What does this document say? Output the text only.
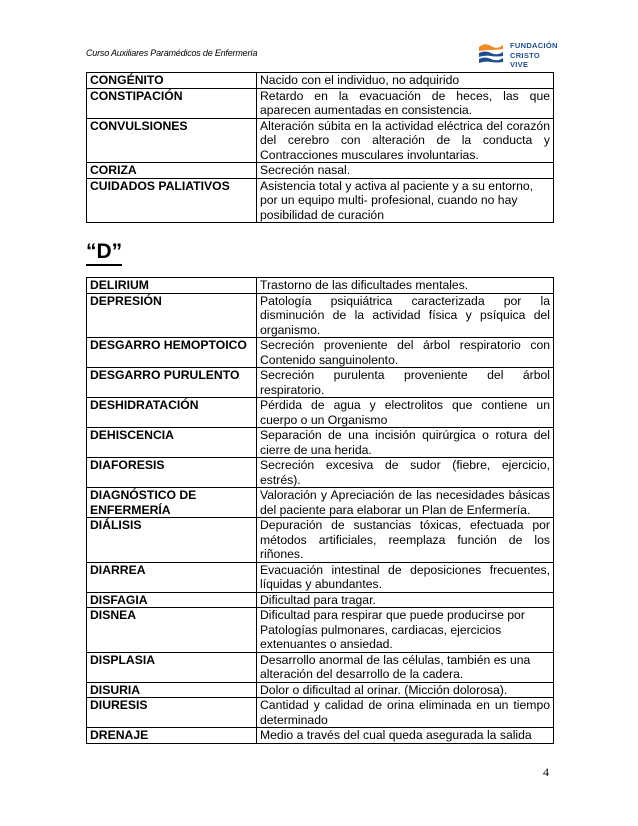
Curso Auxiliares Paramédicos de Enfermería
FUNDACIÓN
CRISTO VIVE
CONGÉNITO	Nacido con el individuo, no adquirido
CONSTIPACIÓN	Retardo en la evacuación de heces, las que aparecen aumentadas en consistencia.
CONVULSIONES	Alteración súbita en la actividad eléctrica del corazón del cerebro con alteración de la conducta y Contracciones musculares involuntarias.
CORIZA	Secreción nasal.
CUIDADOS PALIATIVOS	Asistencia total y activa al paciente y a su entorno, por un equipo multi- profesional, cuando no hay posibilidad de curación
“D”
DELIRIUM	Trastorno de las dificultades mentales.
DEPRESIÓN	Patología psiquiátrica caracterizada por la disminución de la actividad física y psíquica del organismo.
DESGARRO HEMOPTOICO	Secreción proveniente del árbol respiratorio con Contenido sanguinolento.
DESGARRO PURULENTO	Secreción purulenta proveniente del árbol respiratorio.
DESHIDRATACIÓN	Pérdida de agua y electrolitos que contiene un cuerpo o un Organismo
DEHISCENCIA	Separación de una incisión quirúrgica o rotura del cierre de una herida.
DIAFORESIS	Secreción excesiva de sudor (fiebre, ejercicio, estrés).
DIAGNÓSTICO DE ENFERMERÍA	Valoración y Apreciación de las necesidades básicas del paciente para elaborar un Plan de Enfermería.
DIÁLISIS	Depuración de sustancias tóxicas, efectuada por métodos artificiales, reemplaza función de los riñones.
DIARREA	Evacuación intestinal de deposiciones frecuentes, líquidas y abundantes.
DISFAGIA	Dificultad para tragar.
DISNEA	Dificultad para respirar que puede producirse por Patologías pulmonares, cardiacas, ejercicios extenuantes o ansiedad.
DISPLASIA	Desarrollo anormal de las células, también es una alteración del desarrollo de la cadera.
DISURIA	Dolor o dificultad al orinar. (Micción dolorosa).
DIURESIS	Cantidad y calidad de orina eliminada en un tiempo determinado
DRENAJE	Medio a través del cual queda asegurada la salida
4
